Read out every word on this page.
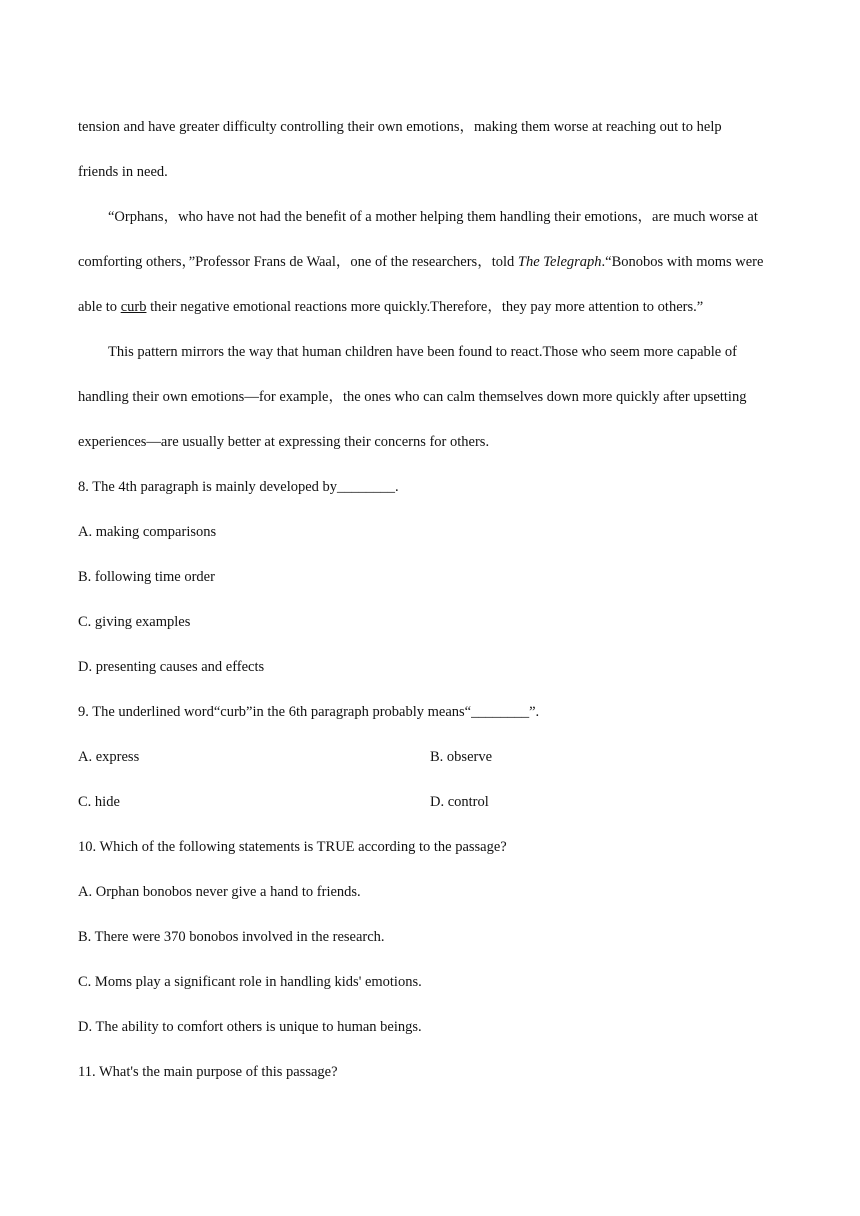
tension and have greater difficulty controlling their own emotions，making them worse at reaching out to help
friends in need.
“Orphans，who have not had the benefit of a mother helping them handling their emotions，are much worse at
comforting others，”Professor Frans de Waal，one of the researchers，told The Telegraph.“Bonobos with moms were
able to curb their negative emotional reactions more quickly.Therefore，they pay more attention to others.”
This pattern mirrors the way that human children have been found to react.Those who seem more capable of
handling their own emotions—for example，the ones who can calm themselves down more quickly after upsetting
experiences—are usually better at expressing their concerns for others.
8. The 4th paragraph is mainly developed by________.
A. making comparisons
B. following time order
C. giving examples
D. presenting causes and effects
9. The underlined word“curb”in the 6th paragraph probably means“________”.
A. express	B. observe
C. hide	D. control
10. Which of the following statements is TRUE according to the passage?
A. Orphan bonobos never give a hand to friends.
B. There were 370 bonobos involved in the research.
C. Moms play a significant role in handling kids' emotions.
D. The ability to comfort others is unique to human beings.
11. What's the main purpose of this passage?
